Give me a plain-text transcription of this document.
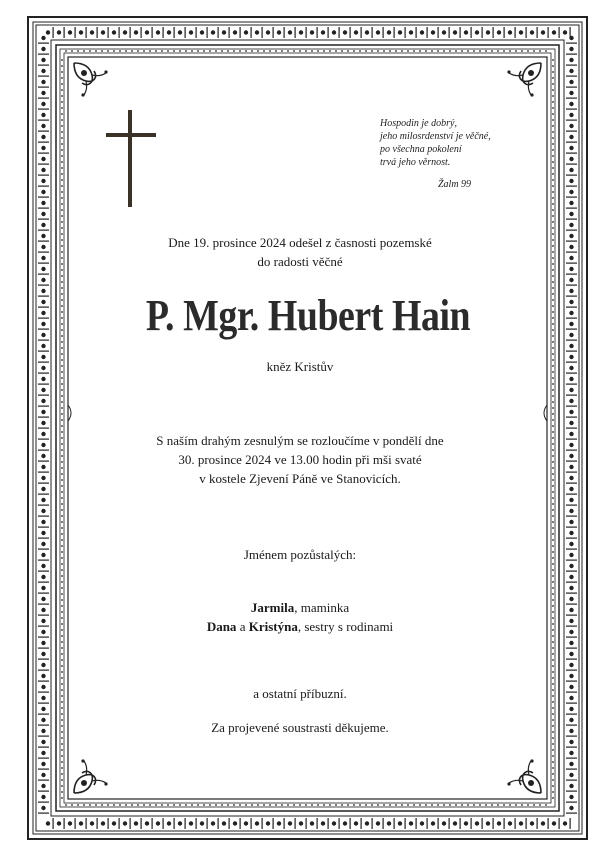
Hospodin je dobrý,
jeho milosrdenství je věčné,
po všechna pokolení
trvá jeho věrnost.
Žalm 99
Dne 19. prosince 2024 odešel z časnosti pozemské
do radosti věčné
P. Mgr. Hubert Hain
kněz Kristův
S naším drahým zesnulým se rozloučíme v pondělí dne
30. prosince 2024 ve 13.00 hodin při mši svaté
v kostele Zjevení Páně ve Stanovicích.
Jménem pozůstalých:
Jarmila, maminka
Dana a Kristýna, sestry s rodinami
a ostatní příbuzní.
Za projevené soustrasti děkujeme.
